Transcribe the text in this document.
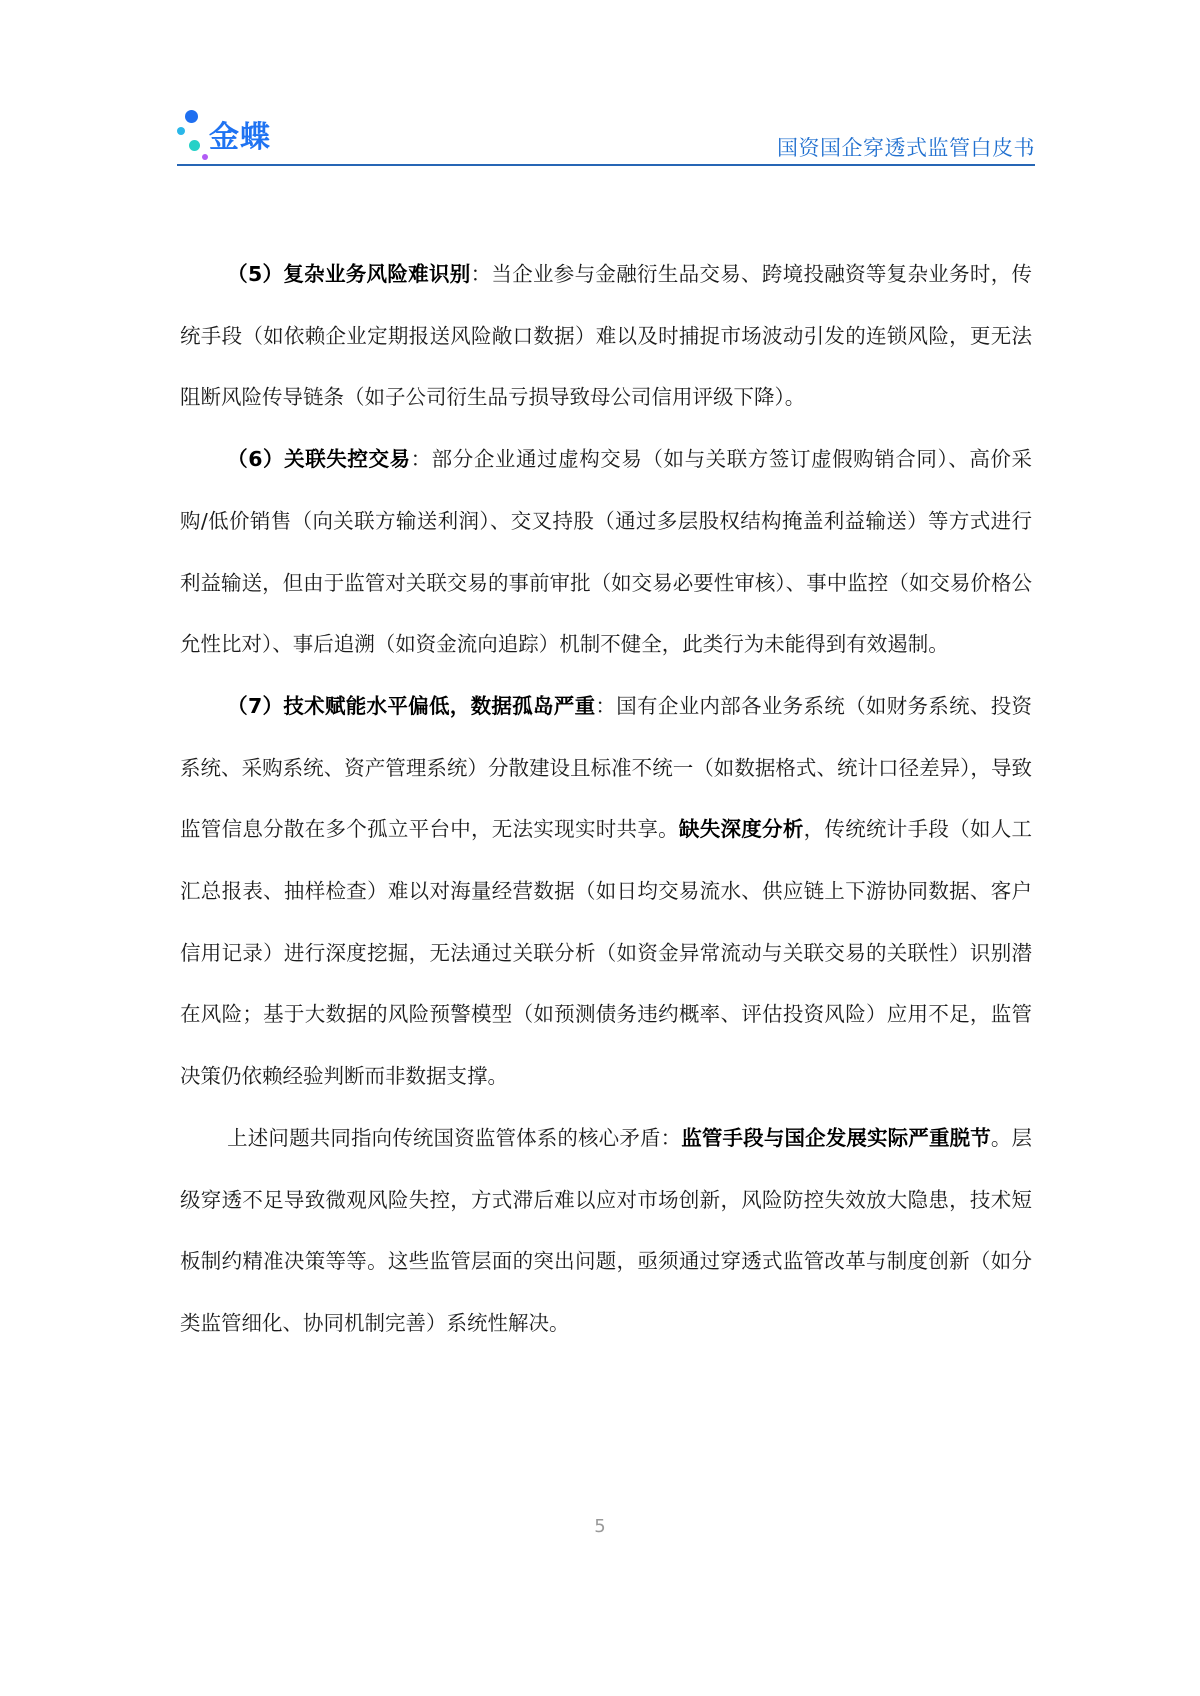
金蝶	国资国企穿透式监管白皮书

（5）复杂业务风险难识别：当企业参与金融衍生品交易、跨境投融资等复杂业务时，传统手段（如依赖企业定期报送风险敞口数据）难以及时捕捉市场波动引发的连锁风险，更无法阻断风险传导链条（如子公司衍生品亏损导致母公司信用评级下降）。

（6）关联失控交易：部分企业通过虚构交易（如与关联方签订虚假购销合同）、高价采购/低价销售（向关联方输送利润）、交叉持股（通过多层股权结构掩盖利益输送）等方式进行利益输送，但由于监管对关联交易的事前审批（如交易必要性审核）、事中监控（如交易价格公允性比对）、事后追溯（如资金流向追踪）机制不健全，此类行为未能得到有效遏制。

（7）技术赋能水平偏低，数据孤岛严重：国有企业内部各业务系统（如财务系统、投资系统、采购系统、资产管理系统）分散建设且标准不统一（如数据格式、统计口径差异），导致监管信息分散在多个孤立平台中，无法实现实时共享。缺失深度分析，传统统计手段（如人工汇总报表、抽样检查）难以对海量经营数据（如日均交易流水、供应链上下游协同数据、客户信用记录）进行深度挖掘，无法通过关联分析（如资金异常流动与关联交易的关联性）识别潜在风险；基于大数据的风险预警模型（如预测债务违约概率、评估投资风险）应用不足，监管决策仍依赖经验判断而非数据支撑。

上述问题共同指向传统国资监管体系的核心矛盾：监管手段与国企发展实际严重脱节。层级穿透不足导致微观风险失控，方式滞后难以应对市场创新，风险防控失效放大隐患，技术短板制约精准决策等等。这些监管层面的突出问题，亟须通过穿透式监管改革与制度创新（如分类监管细化、协同机制完善）系统性解决。

5
